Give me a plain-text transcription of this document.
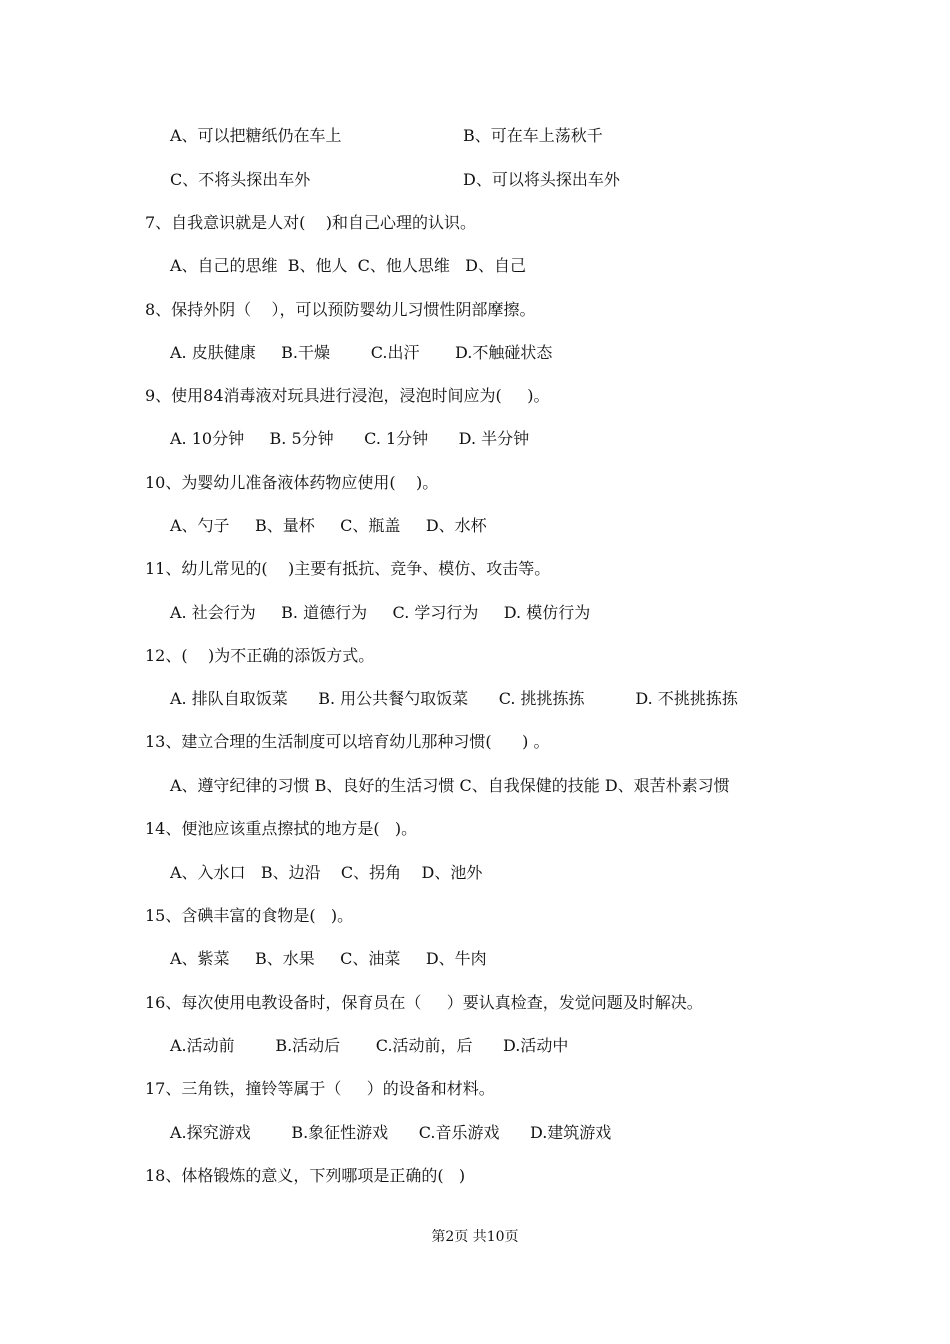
A、可以把糖纸仍在车上	B、可在车上荡秋千
C、不将头探出车外	D、可以将头探出车外
7、自我意识就是人对(    )和自己心理的认识。
A、自己的思维  B、他人  C、他人思维   D、自己
8、保持外阴（    ），可以预防婴幼儿习惯性阴部摩擦。
A. 皮肤健康     B.干燥        C.出汗       D.不触碰状态
9、使用84消毒液对玩具进行浸泡，浸泡时间应为(     )。
A. 10分钟     B. 5分钟      C. 1分钟      D. 半分钟
10、为婴幼儿准备液体药物应使用(    )。
A、勺子     B、量杯     C、瓶盖     D、水杯
11、幼儿常见的(    )主要有抵抗、竞争、模仿、攻击等。
A. 社会行为     B. 道德行为     C. 学习行为     D. 模仿行为
12、(    )为不正确的添饭方式。
A. 排队自取饭菜      B. 用公共餐勺取饭菜      C. 挑挑拣拣          D. 不挑挑拣拣
13、建立合理的生活制度可以培育幼儿那种习惯(      ) 。
A、遵守纪律的习惯 B、良好的生活习惯 C、自我保健的技能 D、艰苦朴素习惯
14、便池应该重点擦拭的地方是(   )。
A、入水口   B、边沿    C、拐角    D、池外
15、含碘丰富的食物是(   )。
A、紫菜     B、水果     C、油菜     D、牛肉
16、每次使用电教设备时，保育员在（     ）要认真检查，发觉问题及时解决。
A.活动前        B.活动后       C.活动前，后      D.活动中
17、三角铁，撞铃等属于（     ）的设备和材料。
A.探究游戏        B.象征性游戏      C.音乐游戏      D.建筑游戏
18、体格锻炼的意义，下列哪项是正确的(   )
第2页 共10页
